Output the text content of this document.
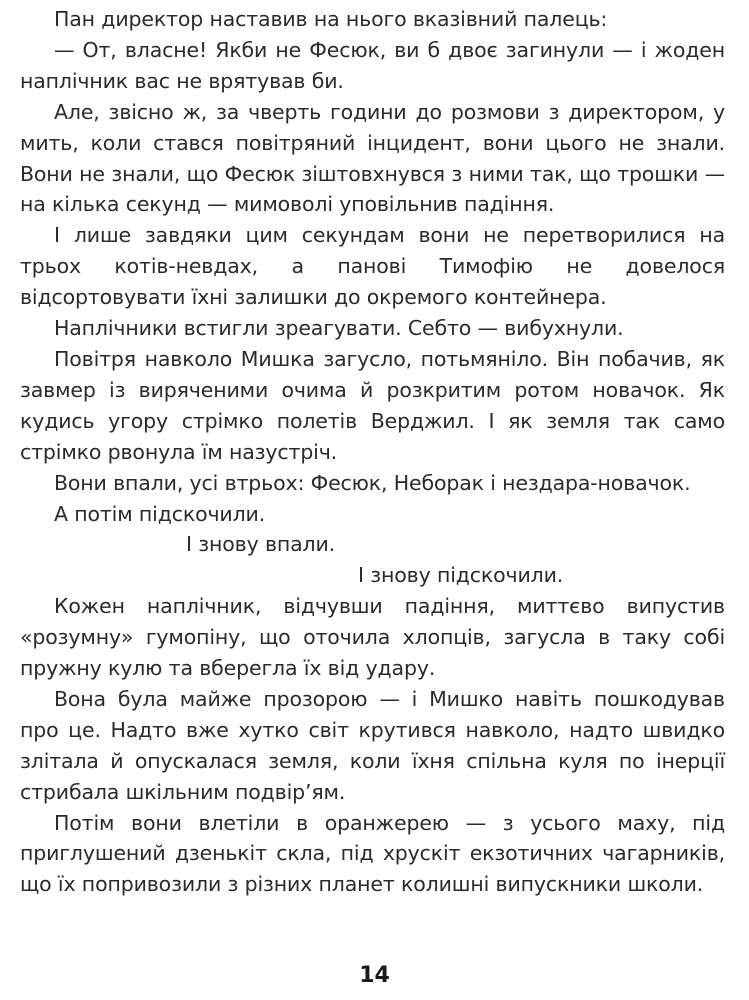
Пан директор наставив на нього вказівний палець:

— От, власне! Якби не Фесюк, ви б двоє загинули — і жоден наплічник вас не врятував би.

Але, звісно ж, за чверть години до розмови з директором, у мить, коли стався повітряний інцидент, вони цього не знали. Вони не знали, що Фесюк зіштовхнувся з ними так, що трошки — на кілька секунд — мимоволі уповільнив падіння.

І лише завдяки цим секундам вони не перетворилися на трьох котів-невдах, а панові Тимофію не довелося відсортовувати їхні залишки до окремого контейнера.

Наплічники встигли зреагувати. Себто — вибухнули.

Повітря навколо Мишка загусло, потьмяніло. Він побачив, як завмер із виряченими очима й розкритим ротом новачок. Як кудись угору стрімко полетів Верджил. І як земля так само стрімко рвонула їм назустріч.

Вони впали, усі втрьох: Фесюк, Неборак і нездара-новачок.

А потім підскочили.

І знову впали.

І знову підскочили.

Кожен наплічник, відчувши падіння, миттєво випустив «розумну» гумопіну, що оточила хлопців, загусла в таку собі пружну кулю та вберегла їх від удару.

Вона була майже прозорою — і Мишко навіть пошкодував про це. Надто вже хутко світ крутився навколо, надто швидко злітала й опускалася земля, коли їхня спільна куля по інерції стрибала шкільним подвір’ям.

Потім вони влетіли в оранжерею — з усього маху, під приглушений дзенькіт скла, під хрускіт екзотичних чагарників, що їх попривозили з різних планет колишні випускники школи.

14
